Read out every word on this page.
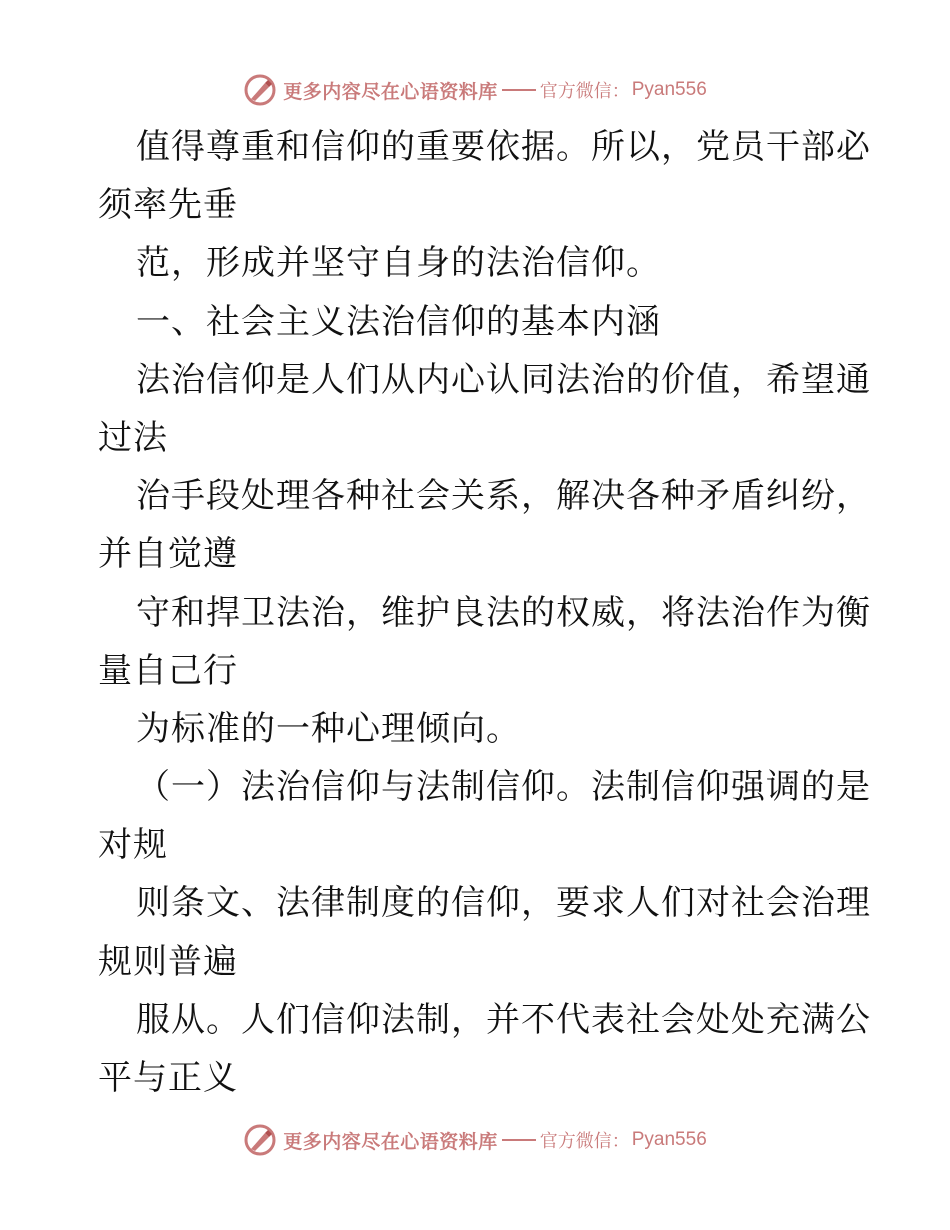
更多内容尽在心语资料库 官方微信： Pyan556
值得尊重和信仰的重要依据。所以，党员干部必
须率先垂
范，形成并坚守自身的法治信仰。
一、社会主义法治信仰的基本内涵
法治信仰是人们从内心认同法治的价值，希望通
过法
治手段处理各种社会关系，解决各种矛盾纠纷，
并自觉遵
守和捍卫法治，维护良法的权威，将法治作为衡
量自己行
为标准的一种心理倾向。
（一）法治信仰与法制信仰。法制信仰强调的是
对规
则条文、法律制度的信仰，要求人们对社会治理
规则普遍
服从。人们信仰法制，并不代表社会处处充满公
平与正义
更多内容尽在心语资料库 官方微信： Pyan556
